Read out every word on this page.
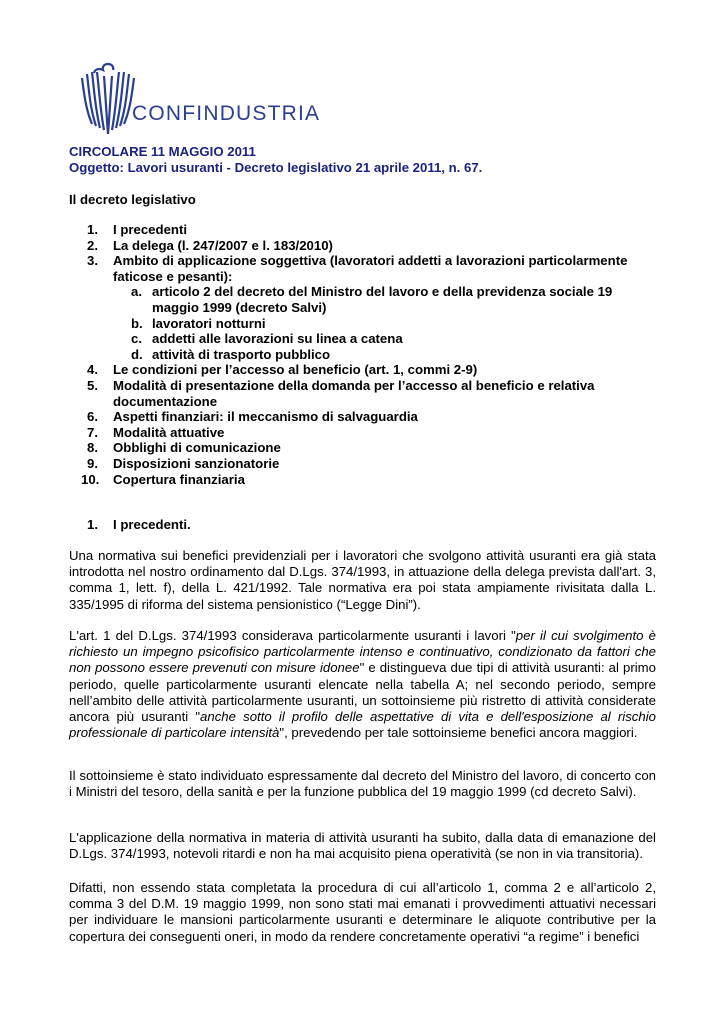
CONFINDUSTRIA
CIRCOLARE 11 MAGGIO 2011
Oggetto: Lavori usuranti - Decreto legislativo 21 aprile 2011, n. 67.
Il decreto legislativo
1.	I precedenti
2.	La delega (l. 247/2007 e l. 183/2010)
3.	Ambito di applicazione soggettiva (lavoratori addetti a lavorazioni particolarmente faticose e pesanti):
a. articolo 2 del decreto del Ministro del lavoro e della previdenza sociale 19 maggio 1999 (decreto Salvi)
b. lavoratori notturni
c. addetti alle lavorazioni su linea a catena
d. attività di trasporto pubblico
4.	Le condizioni per l’accesso al beneficio (art. 1, commi 2-9)
5.	Modalità di presentazione della domanda per l’accesso al beneficio e relativa documentazione
6.	Aspetti finanziari: il meccanismo di salvaguardia
7.	Modalità attuative
8.	Obblighi di comunicazione
9.	Disposizioni sanzionatorie
10.	Copertura finanziaria
1. I precedenti.
Una normativa sui benefici previdenziali per i lavoratori che svolgono attività usuranti era già stata introdotta nel nostro ordinamento dal D.Lgs. 374/1993, in attuazione della delega prevista dall'art. 3, comma 1, lett. f), della L. 421/1992. Tale normativa era poi stata ampiamente rivisitata dalla L. 335/1995 di riforma del sistema pensionistico (“Legge Dini”).
L'art. 1 del D.Lgs. 374/1993 considerava particolarmente usuranti i lavori "per il cui svolgimento è richiesto un impegno psicofisico particolarmente intenso e continuativo, condizionato da fattori che non possono essere prevenuti con misure idonee" e distingueva due tipi di attività usuranti: al primo periodo, quelle particolarmente usuranti elencate nella tabella A; nel secondo periodo, sempre nell’ambito delle attività particolarmente usuranti, un sottoinsieme più ristretto di attività considerate ancora più usuranti "anche sotto il profilo delle aspettative di vita e dell'esposizione al rischio professionale di particolare intensità", prevedendo per tale sottoinsieme benefici ancora maggiori.
Il sottoinsieme è stato individuato espressamente dal decreto del Ministro del lavoro, di concerto con i Ministri del tesoro, della sanità e per la funzione pubblica del 19 maggio 1999 (cd decreto Salvi).
L'applicazione della normativa in materia di attività usuranti ha subito, dalla data di emanazione del D.Lgs. 374/1993, notevoli ritardi e non ha mai acquisito piena operatività (se non in via transitoria).
Difatti, non essendo stata completata la procedura di cui all’articolo 1, comma 2 e all’articolo 2, comma 3 del D.M. 19 maggio 1999, non sono stati mai emanati i provvedimenti attuativi necessari per individuare le mansioni particolarmente usuranti e determinare le aliquote contributive per la copertura dei conseguenti oneri, in modo da rendere concretamente operativi “a regime” i benefici
